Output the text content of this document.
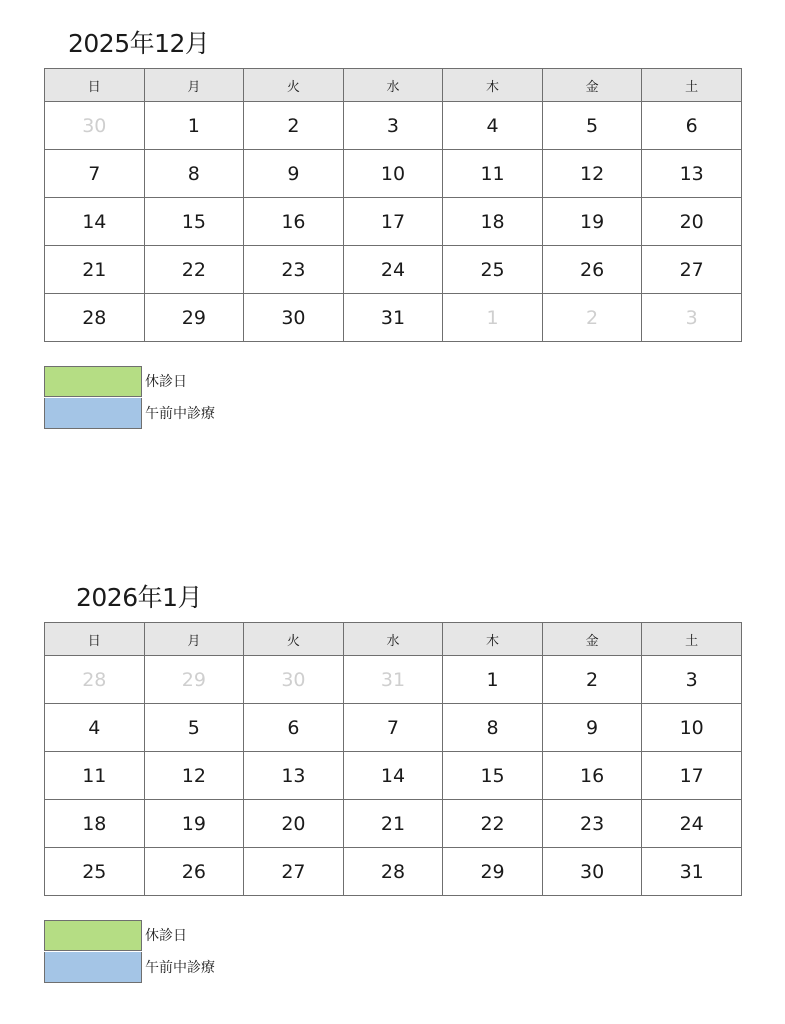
2025年12月
日	月	火	水	木	金	土
30	1	2	3	4	5	6
7	8	9	10	11	12	13
14	15	16	17	18	19	20
21	22	23	24	25	26	27
28	29	30	31	1	2	3
休診日
午前中診療
2026年1月
日	月	火	水	木	金	土
28	29	30	31	1	2	3
4	5	6	7	8	9	10
11	12	13	14	15	16	17
18	19	20	21	22	23	24
25	26	27	28	29	30	31
休診日
午前中診療
